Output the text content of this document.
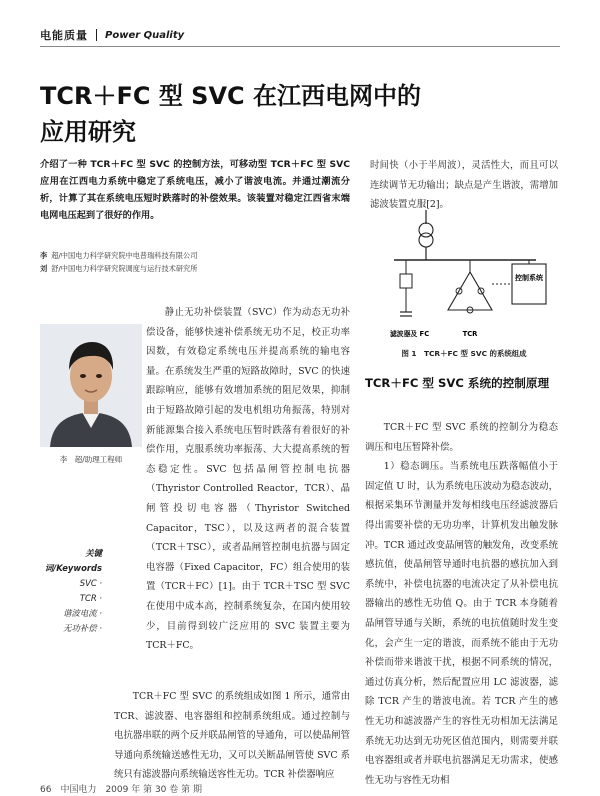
电能质量 Power Quality
TCR＋FC 型 SVC 在江西电网中的
应用研究
介绍了一种 TCR＋FC 型 SVC 的控制方法，可移动型 TCR＋FC 型 SVC 应用在江西电力系统中稳定了系统电压，减小了谐波电流。并通过潮流分析，计算了其在系统电压短时跌落时的补偿效果。该装置对稳定江西省末端电网电压起到了很好的作用。
李 超/中国电力科学研究院中电普瑞科技有限公司
刘 舒/中国电力科学研究院调度与运行技术研究所
李　超/助理工程师
关键词/Keywords
SVC ·
TCR ·
谐波电流 ·
无功补偿 ·

静止无功补偿装置（SVC）作为动态无功补偿设备，能够快速补偿系统无功不足，校正功率因数，有效稳定系统电压并提高系统的输电容量。在系统发生严重的短路故障时，SVC 的快速跟踪响应，能够有效增加系统的阻尼效果，抑制由于短路故障引起的发电机组功角振荡，特别对新能源集合接入系统电压暂时跌落有着很好的补偿作用，克服系统功率振荡、大大提高系统的暂态稳定性。SVC 包括晶闸管控制电抗器（Thyristor Controlled Reactor，TCR）、晶闸管投切电容器（Thyristor Switched Capacitor，TSC），以及这两者的混合装置（TCR＋TSC），或者晶闸管控制电抗器与固定电容器（Fixed Capacitor，FC）组合使用的装置（TCR＋FC）[1]。由于 TCR＋TSC 型 SVC 在使用中成本高，控制系统复杂，在国内使用较少，目前得到较广泛应用的 SVC 装置主要为 TCR＋FC。

TCR＋FC 型 SVC 的系统组成如图 1 所示，通常由 TCR、滤波器、电容器组和控制系统组成。通过控制与电抗器串联的两个反并联晶闸管的导通角，可以使晶闸管导通向系统输送感性无功，又可以关断晶闸管使 SVC 系统只有滤波器向系统输送容性无功。TCR 补偿器响应

时间快（小于半周波），灵活性大，而且可以连续调节无功输出；缺点是产生谐波，需增加滤波装置克服[2]。

控制系统
滤波器及 FC	TCR
图 1　TCR＋FC 型 SVC 的系统组成
TCR＋FC 型 SVC 系统的控制原理

TCR＋FC 型 SVC 系统的控制分为稳态调压和电压暂降补偿。

1）稳态调压。当系统电压跌落幅值小于固定值 U 时，认为系统电压波动为稳态波动，根据采集环节测量并发每相线电压经滤波器后得出需要补偿的无功功率，计算机发出触发脉冲。TCR 通过改变晶闸管的触发角，改变系统感抗值，使晶闸管导通时电抗器的感抗加入到系统中，补偿电抗器的电流决定了从补偿电抗器输出的感性无功值 Q。由于 TCR 本身随着晶闸管导通与关断，系统的电抗值随时发生变化，会产生一定的谐波，而系统不能由于无功补偿而带来谐波干扰，根据不同系统的情况，通过仿真分析，然后配置应用 LC 滤波器，滤除 TCR 产生的谐波电流。若 TCR 产生的感性无功和滤波器产生的容性无功相加无法满足系统无功达到无功死区值范围内，则需要并联电容器组或者并联电抗器满足无功需求，使感性无功与容性无功相

66　中国电力　2009 年 第 30 卷 第 期
